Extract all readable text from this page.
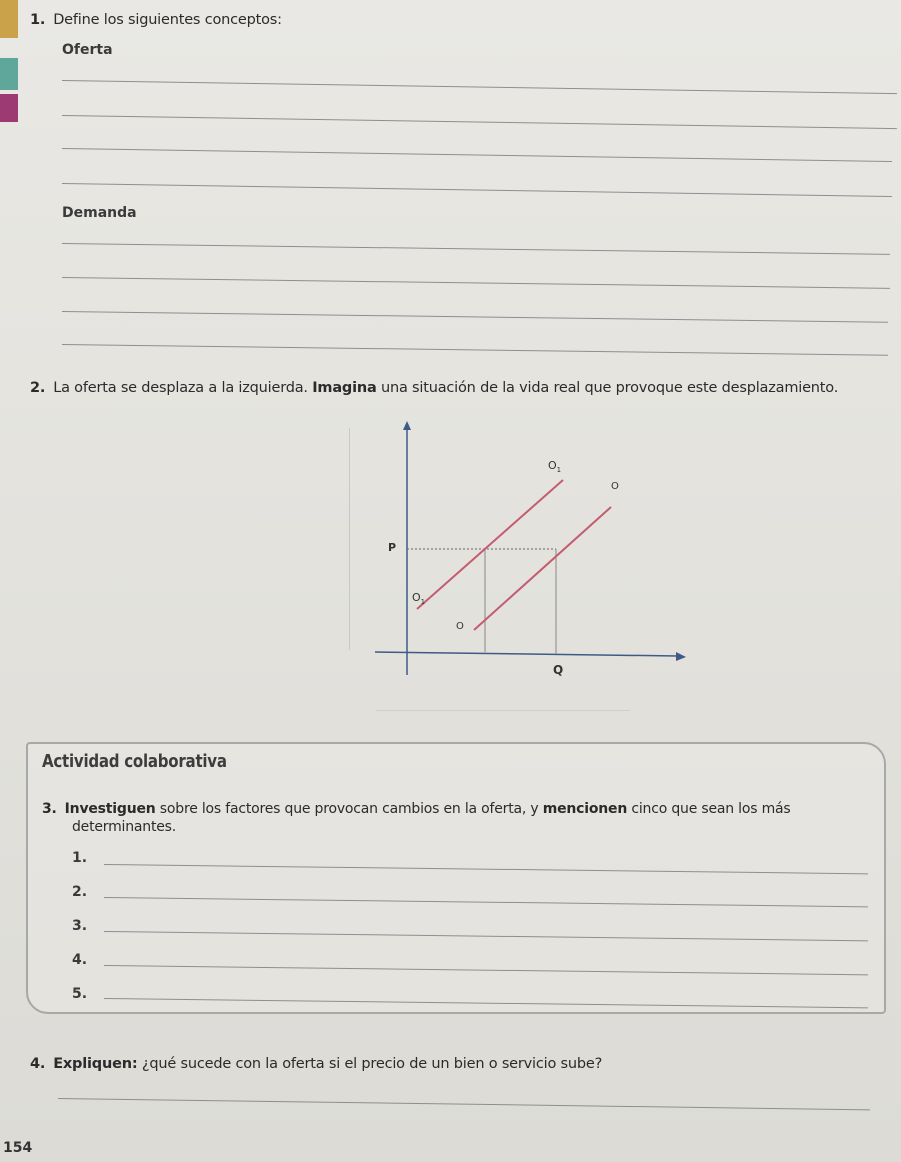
1. Define los siguientes conceptos:
Oferta
Demanda
2. La oferta se desplaza a la izquierda. Imagina una situación de la vida real que provoque este desplazamiento.
P
Q
$O_1$
O
$O_1$
O
Actividad colaborativa
3. Investiguen sobre los factores que provocan cambios en la oferta, y mencionen cinco que sean los más
determinantes.
1.
2.
3.
4.
5.
4. Expliquen: ¿qué sucede con la oferta si el precio de un bien o servicio sube?
154
